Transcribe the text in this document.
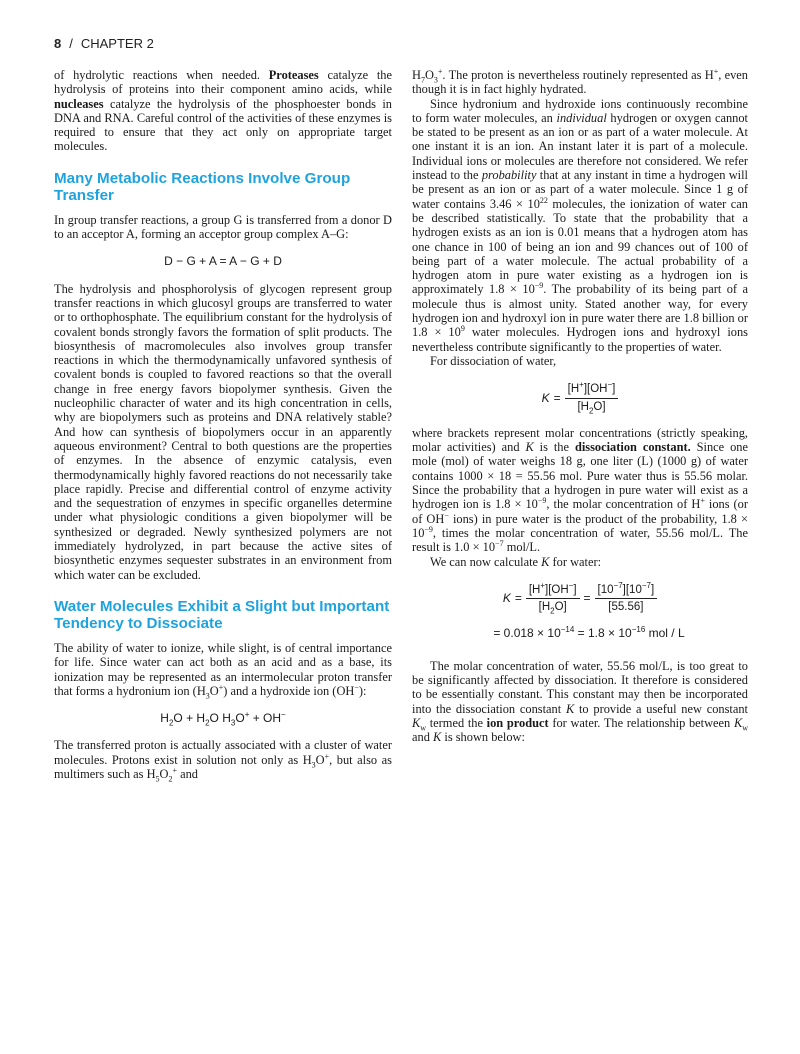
8 / CHAPTER 2

of hydrolytic reactions when needed. Proteases catalyze the hydrolysis of proteins into their component amino acids, while nucleases catalyze the hydrolysis of the phosphoester bonds in DNA and RNA. Careful control of the activities of these enzymes is required to ensure that they act only on appropriate target molecules.

Many Metabolic Reactions Involve Group Transfer

In group transfer reactions, a group G is transferred from a donor D to an acceptor A, forming an acceptor group complex A–G:

D − G + A = A − G + D

The hydrolysis and phosphorolysis of glycogen represent group transfer reactions in which glucosyl groups are transferred to water or to orthophosphate. The equilibrium constant for the hydrolysis of covalent bonds strongly favors the formation of split products. The biosynthesis of macromolecules also involves group transfer reactions in which the thermodynamically unfavored synthesis of covalent bonds is coupled to favored reactions so that the overall change in free energy favors biopolymer synthesis. Given the nucleophilic character of water and its high concentration in cells, why are biopolymers such as proteins and DNA relatively stable? And how can synthesis of biopolymers occur in an apparently aqueous environment? Central to both questions are the properties of enzymes. In the absence of enzymic catalysis, even thermodynamically highly favored reactions do not necessarily take place rapidly. Precise and differential control of enzyme activity and the sequestration of enzymes in specific organelles determine under what physiologic conditions a given biopolymer will be synthesized or degraded. Newly synthesized polymers are not immediately hydrolyzed, in part because the active sites of biosynthetic enzymes sequester substrates in an environment from which water can be excluded.

Water Molecules Exhibit a Slight but Important Tendency to Dissociate

The ability of water to ionize, while slight, is of central importance for life. Since water can act both as an acid and as a base, its ionization may be represented as an intermolecular proton transfer that forms a hydronium ion $(H_3O^+)$ and a hydroxide ion (OH−):

$H_2O + H_2O$ $H_3O^+ + OH^-$

The transferred proton is actually associated with a cluster of water molecules. Protons exist in solution not only as $H_3O^+$, but also as multimers such as $H_5O_2^+$ and

$H_7O_3^+$. The proton is nevertheless routinely represented as H+, even though it is in fact highly hydrated.

Since hydronium and hydroxide ions continuously recombine to form water molecules, an individual hydrogen or oxygen cannot be stated to be present as an ion or as part of a water molecule. At one instant it is an ion. An instant later it is part of a molecule. Individual ions or molecules are therefore not considered. We refer instead to the probability that at any instant in time a hydrogen will be present as an ion or as part of a water molecule. Since 1 g of water contains $3.46 \times 10^{22}$ molecules, the ionization of water can be described statistically. To state that the probability that a hydrogen exists as an ion is 0.01 means that a hydrogen atom has one chance in 100 of being an ion and 99 chances out of 100 of being part of a water molecule. The actual probability of a hydrogen atom in pure water existing as a hydrogen ion is approximately $1.8 \times 10^{-9}$. The probability of its being part of a molecule thus is almost unity. Stated another way, for every hydrogen ion and hydroxyl ion in pure water there are 1.8 billion or $1.8 \times 10^9$ water molecules. Hydrogen ions and hydroxyl ions nevertheless contribute significantly to the properties of water.

For dissociation of water,

$K = \frac{[H^+][OH^-]}{[H_2O]}$

where brackets represent molar concentrations (strictly speaking, molar activities) and K is the dissociation constant. Since one mole (mol) of water weighs 18 g, one liter (L) (1000 g) of water contains 1000 × 18 = 55.56 mol. Pure water thus is 55.56 molar. Since the probability that a hydrogen in pure water will exist as a hydrogen ion is $1.8 \times 10^{-9}$, the molar concentration of H+ ions (or of OH− ions) in pure water is the product of the probability, $1.8 \times 10^{-9}$, times the molar concentration of water, 55.56 mol/L. The result is $1.0 \times 10^{-7}$ mol/L.

We can now calculate K for water:

$K = \frac{[H^+][OH^-]}{[H_2O]} = \frac{[10^{-7}][10^{-7}]}{[55.56]}$
= $0.018 \times 10^{-14} = 1.8 \times 10^{-16}$ mol / L

The molar concentration of water, 55.56 mol/L, is too great to be significantly affected by dissociation. It therefore is considered to be essentially constant. This constant may then be incorporated into the dissociation constant K to provide a useful new constant $K_w$ termed the ion product for water. The relationship between $K_w$ and K is shown below:
